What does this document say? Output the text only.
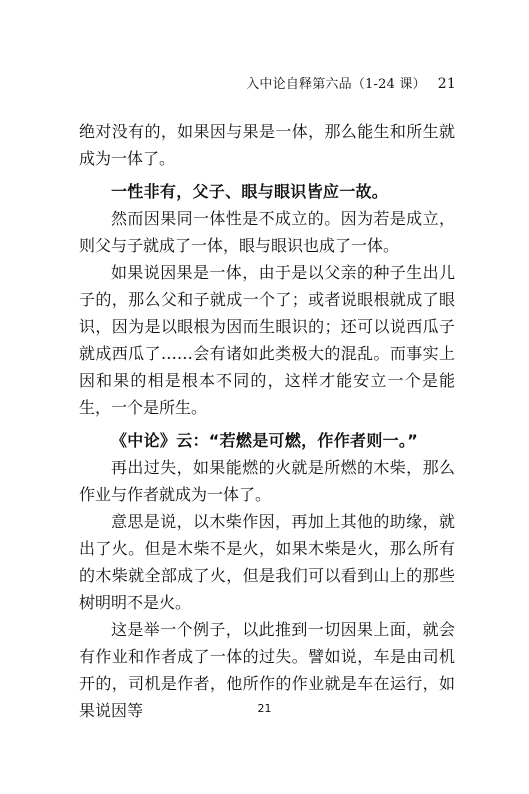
入中论自释第六品（1-24 课） 21

绝对没有的，如果因与果是一体，那么能生和所生就成为一体了。

一性非有，父子、眼与眼识皆应一故。

然而因果同一体性是不成立的。因为若是成立，则父与子就成了一体，眼与眼识也成了一体。

如果说因果是一体，由于是以父亲的种子生出儿子的，那么父和子就成一个了；或者说眼根就成了眼识，因为是以眼根为因而生眼识的；还可以说西瓜子就成西瓜了……会有诸如此类极大的混乱。而事实上因和果的相是根本不同的，这样才能安立一个是能生，一个是所生。

《中论》云：“若燃是可燃，作作者则一。”

再出过失，如果能燃的火就是所燃的木柴，那么作业与作者就成为一体了。

意思是说，以木柴作因，再加上其他的助缘，就出了火。但是木柴不是火，如果木柴是火，那么所有的木柴就全部成了火，但是我们可以看到山上的那些树明明不是火。

这是举一个例子，以此推到一切因果上面，就会有作业和作者成了一体的过失。譬如说，车是由司机开的，司机是作者，他所作的作业就是车在运行，如果说因等	21
